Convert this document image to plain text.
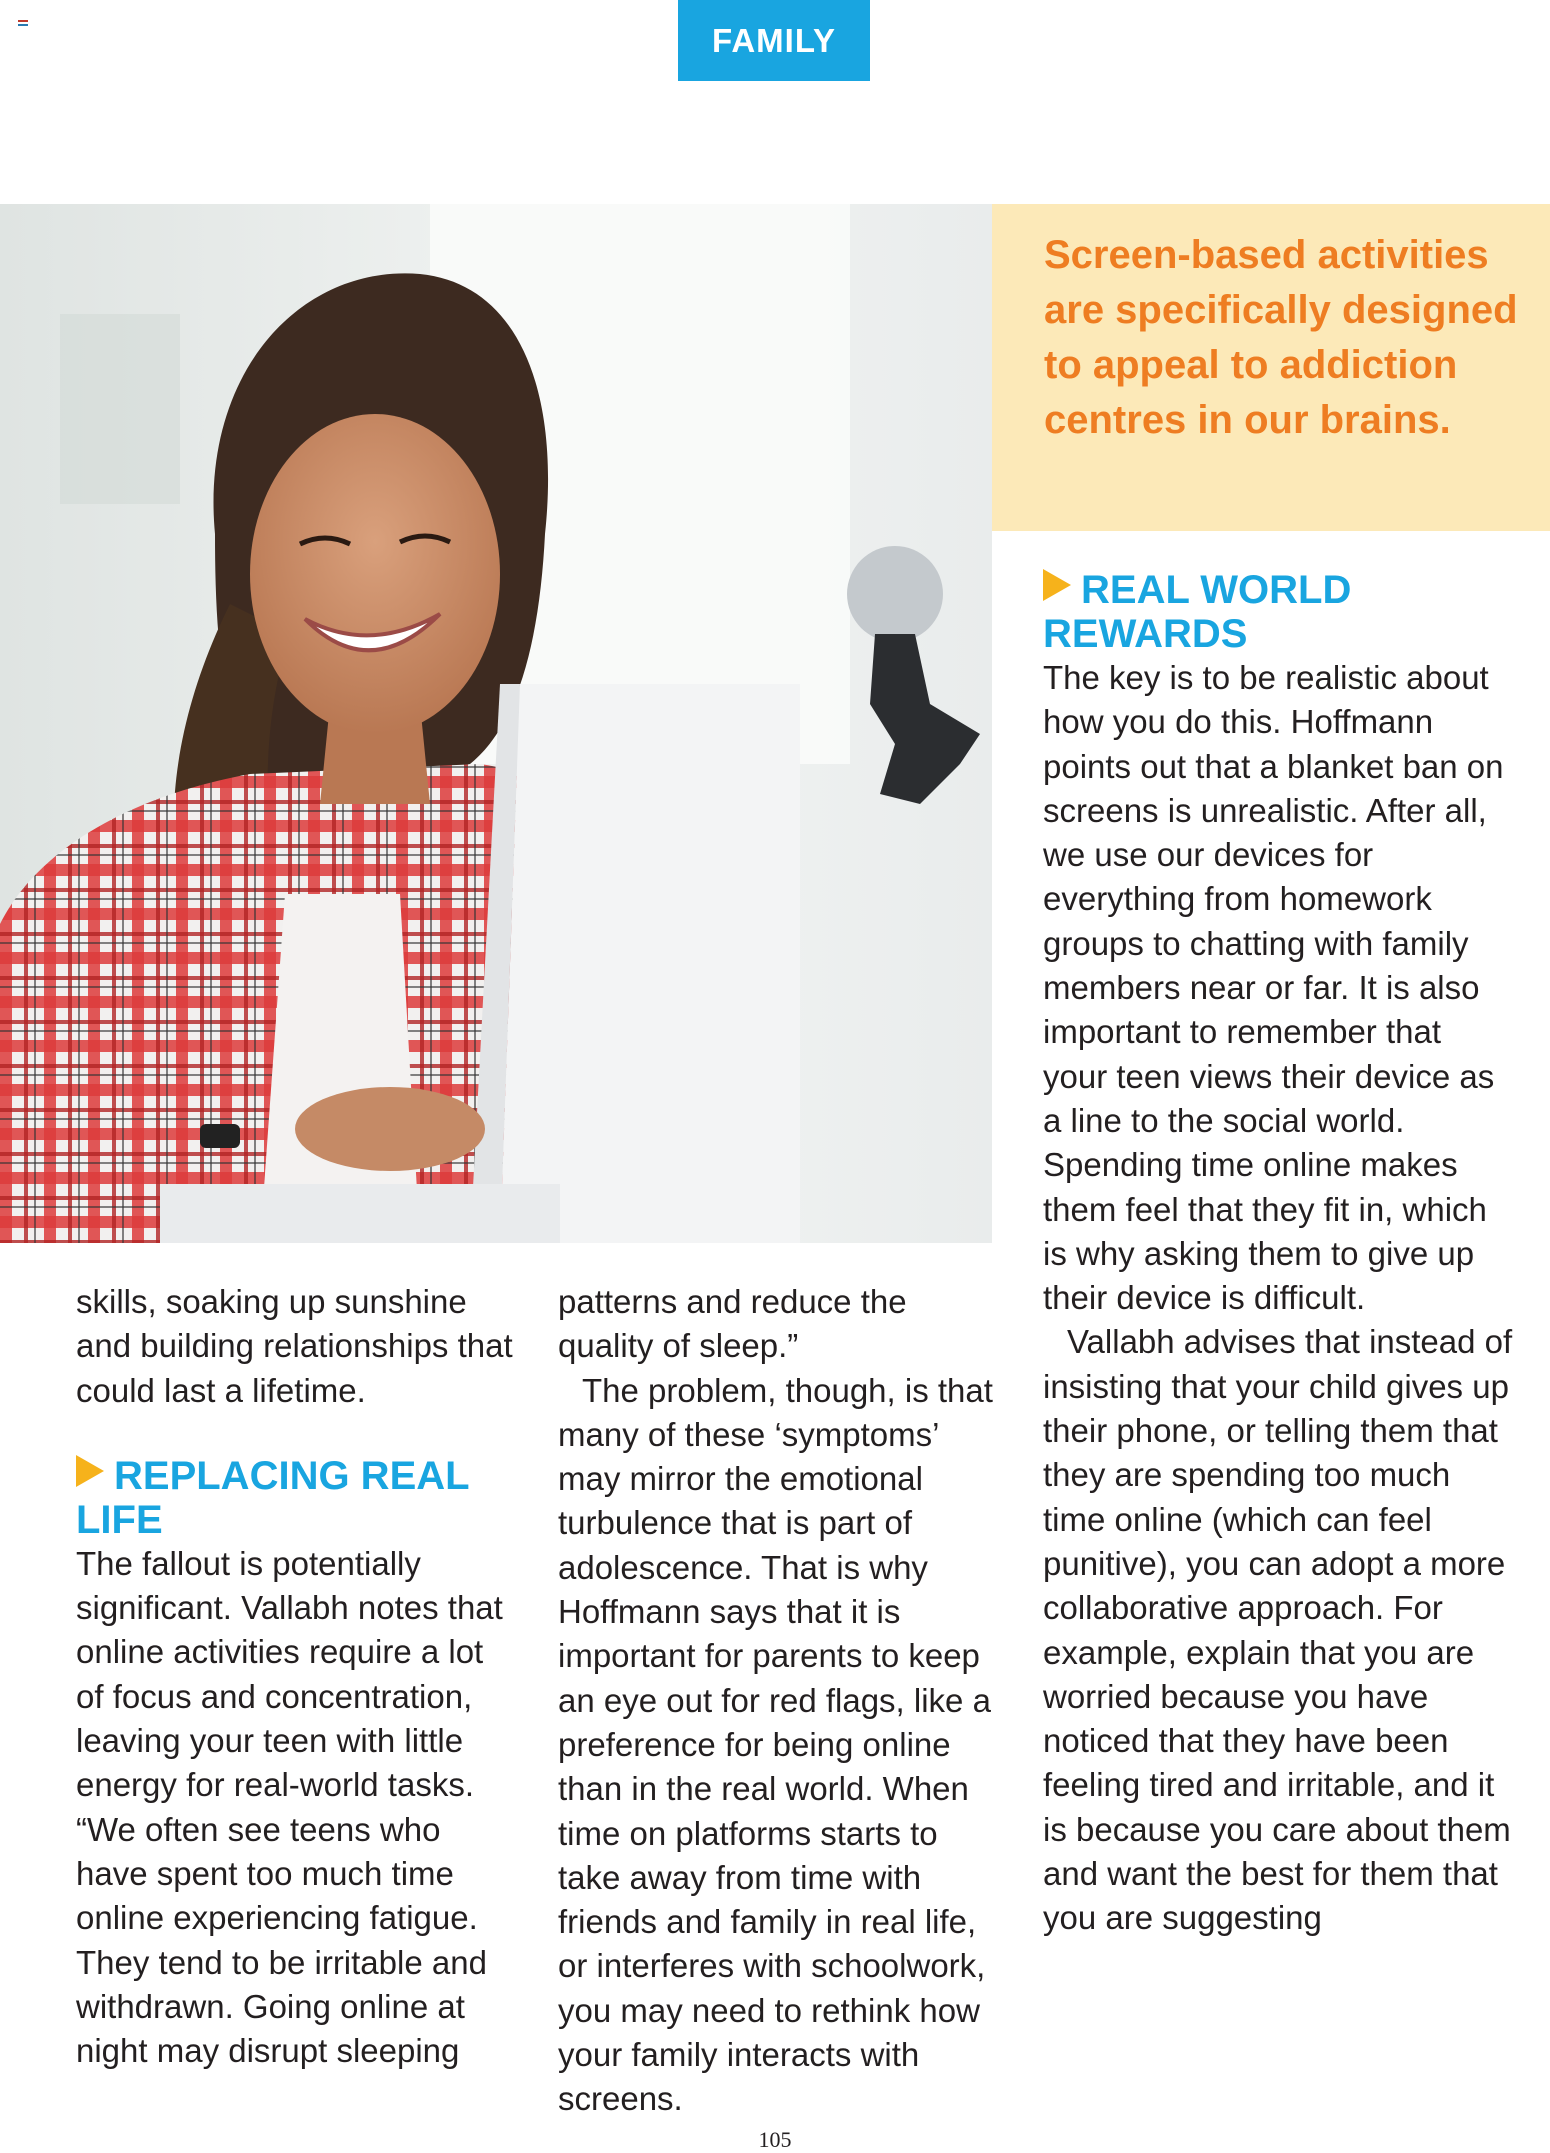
FAMILY

Screen-based activities are specifically designed to appeal to addiction centres in our brains.

skills, soaking up sunshine and building relationships that could last a lifetime.

REPLACING REAL LIFE

The fallout is potentially significant. Vallabh notes that online activities require a lot of focus and concentration, leaving your teen with little energy for real-world tasks. “We often see teens who have spent too much time online experiencing fatigue. They tend to be irritable and withdrawn. Going online at night may disrupt sleeping

patterns and reduce the quality of sleep.”

The problem, though, is that many of these ‘symptoms’ may mirror the emotional turbulence that is part of adolescence. That is why Hoffmann says that it is important for parents to keep an eye out for red flags, like a preference for being online than in the real world. When time on platforms starts to take away from time with friends and family in real life, or interferes with schoolwork, you may need to rethink how your family interacts with screens.

REAL WORLD REWARDS

The key is to be realistic about how you do this. Hoffmann points out that a blanket ban on screens is unrealistic. After all, we use our devices for everything from homework groups to chatting with family members near or far. It is also important to remember that your teen views their device as a line to the social world. Spending time online makes them feel that they fit in, which is why asking them to give up their device is difficult.

Vallabh advises that instead of insisting that your child gives up their phone, or telling them that they are spending too much time online (which can feel punitive), you can adopt a more collaborative approach. For example, explain that you are worried because you have noticed that they have been feeling tired and irritable, and it is because you care about them and want the best for them that you are suggesting

105
